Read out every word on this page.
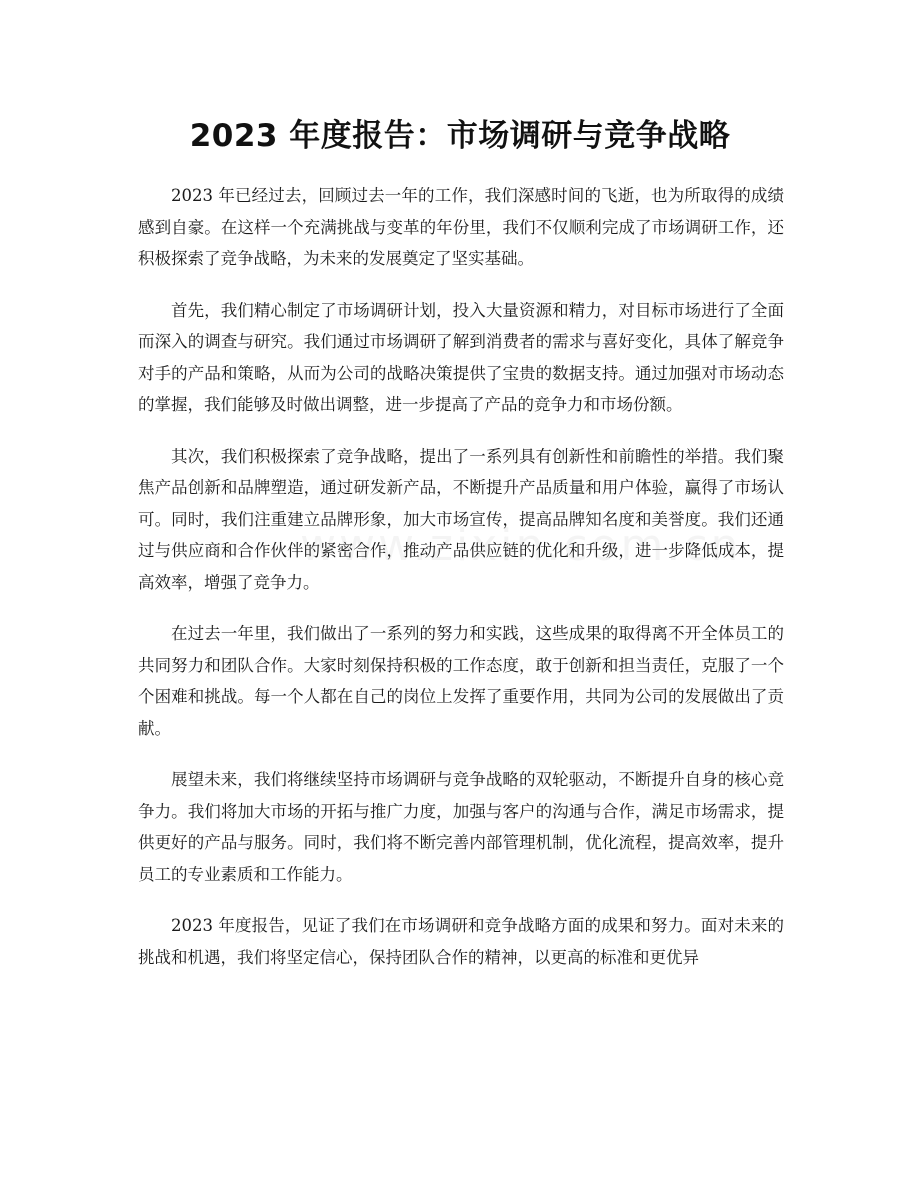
2023 年度报告：市场调研与竞争战略

2023 年已经过去，回顾过去一年的工作，我们深感时间的飞逝，也为所取得的成绩感到自豪。在这样一个充满挑战与变革的年份里，我们不仅顺利完成了市场调研工作，还积极探索了竞争战略，为未来的发展奠定了坚实基础。

首先，我们精心制定了市场调研计划，投入大量资源和精力，对目标市场进行了全面而深入的调查与研究。我们通过市场调研了解到消费者的需求与喜好变化，具体了解竞争对手的产品和策略，从而为公司的战略决策提供了宝贵的数据支持。通过加强对市场动态的掌握，我们能够及时做出调整，进一步提高了产品的竞争力和市场份额。

其次，我们积极探索了竞争战略，提出了一系列具有创新性和前瞻性的举措。我们聚焦产品创新和品牌塑造，通过研发新产品，不断提升产品质量和用户体验，赢得了市场认可。同时，我们注重建立品牌形象，加大市场宣传，提高品牌知名度和美誉度。我们还通过与供应商和合作伙伴的紧密合作，推动产品供应链的优化和升级，进一步降低成本，提高效率，增强了竞争力。

在过去一年里，我们做出了一系列的努力和实践，这些成果的取得离不开全体员工的共同努力和团队合作。大家时刻保持积极的工作态度，敢于创新和担当责任，克服了一个个困难和挑战。每一个人都在自己的岗位上发挥了重要作用，共同为公司的发展做出了贡献。

展望未来，我们将继续坚持市场调研与竞争战略的双轮驱动，不断提升自身的核心竞争力。我们将加大市场的开拓与推广力度，加强与客户的沟通与合作，满足市场需求，提供更好的产品与服务。同时，我们将不断完善内部管理机制，优化流程，提高效率，提升员工的专业素质和工作能力。

2023 年度报告，见证了我们在市场调研和竞争战略方面的成果和努力。面对未来的挑战和机遇，我们将坚定信心，保持团队合作的精神，以更高的标准和更优异
